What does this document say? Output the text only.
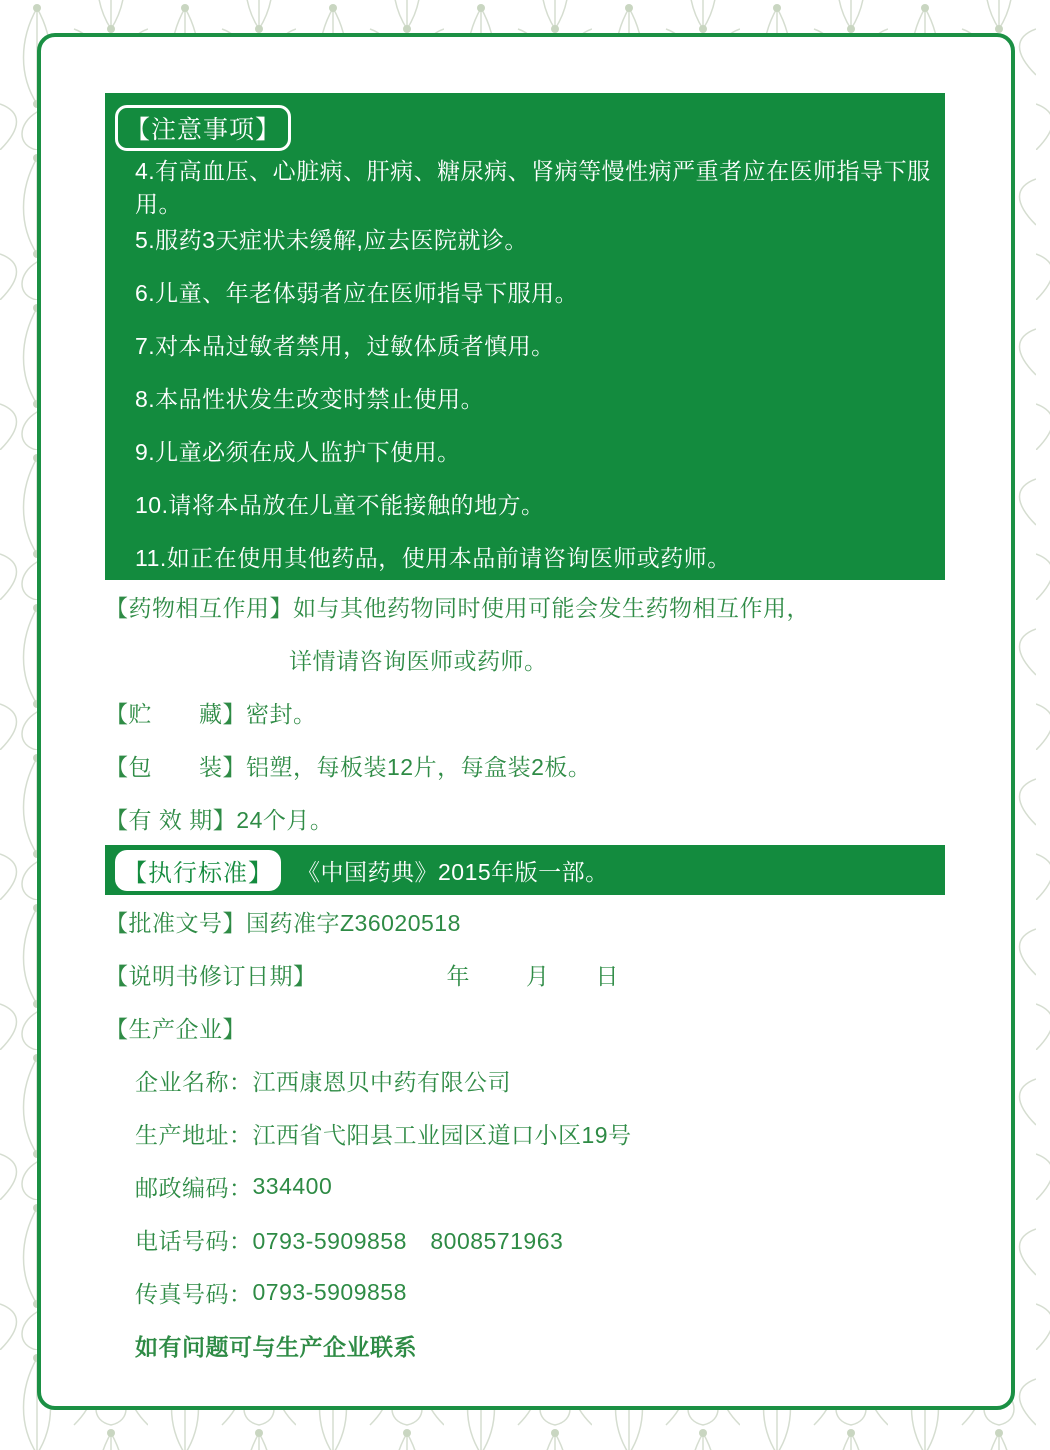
【注意事项】
4.有高血压、心脏病、肝病、糖尿病、肾病等慢性病严重者应在医师指导下服用。
5.服药3天症状未缓解,应去医院就诊。
6.儿童、年老体弱者应在医师指导下服用。
7.对本品过敏者禁用，过敏体质者慎用。
8.本品性状发生改变时禁止使用。
9.儿童必须在成人监护下使用。
10.请将本品放在儿童不能接触的地方。
11.如正在使用其他药品，使用本品前请咨询医师或药师。
【药物相互作用】 如与其他药物同时使用可能会发生药物相互作用，
详情请咨询医师或药师。
【贮　　藏】 密封。
【包　　装】 铝塑，每板装12片，每盒装2板。
【有 效 期】 24个月。
【执行标准】	《中国药典》2015年版一部。
【批准文号】 国药准字Z36020518
【说明书修订日期】	年 月 日
【生产企业】
企业名称： 江西康恩贝中药有限公司
生产地址： 江西省弋阳县工业园区道口小区19号
邮政编码： 334400
电话号码： 0793-5909858　8008571963
传真号码： 0793-5909858
如有问题可与生产企业联系
